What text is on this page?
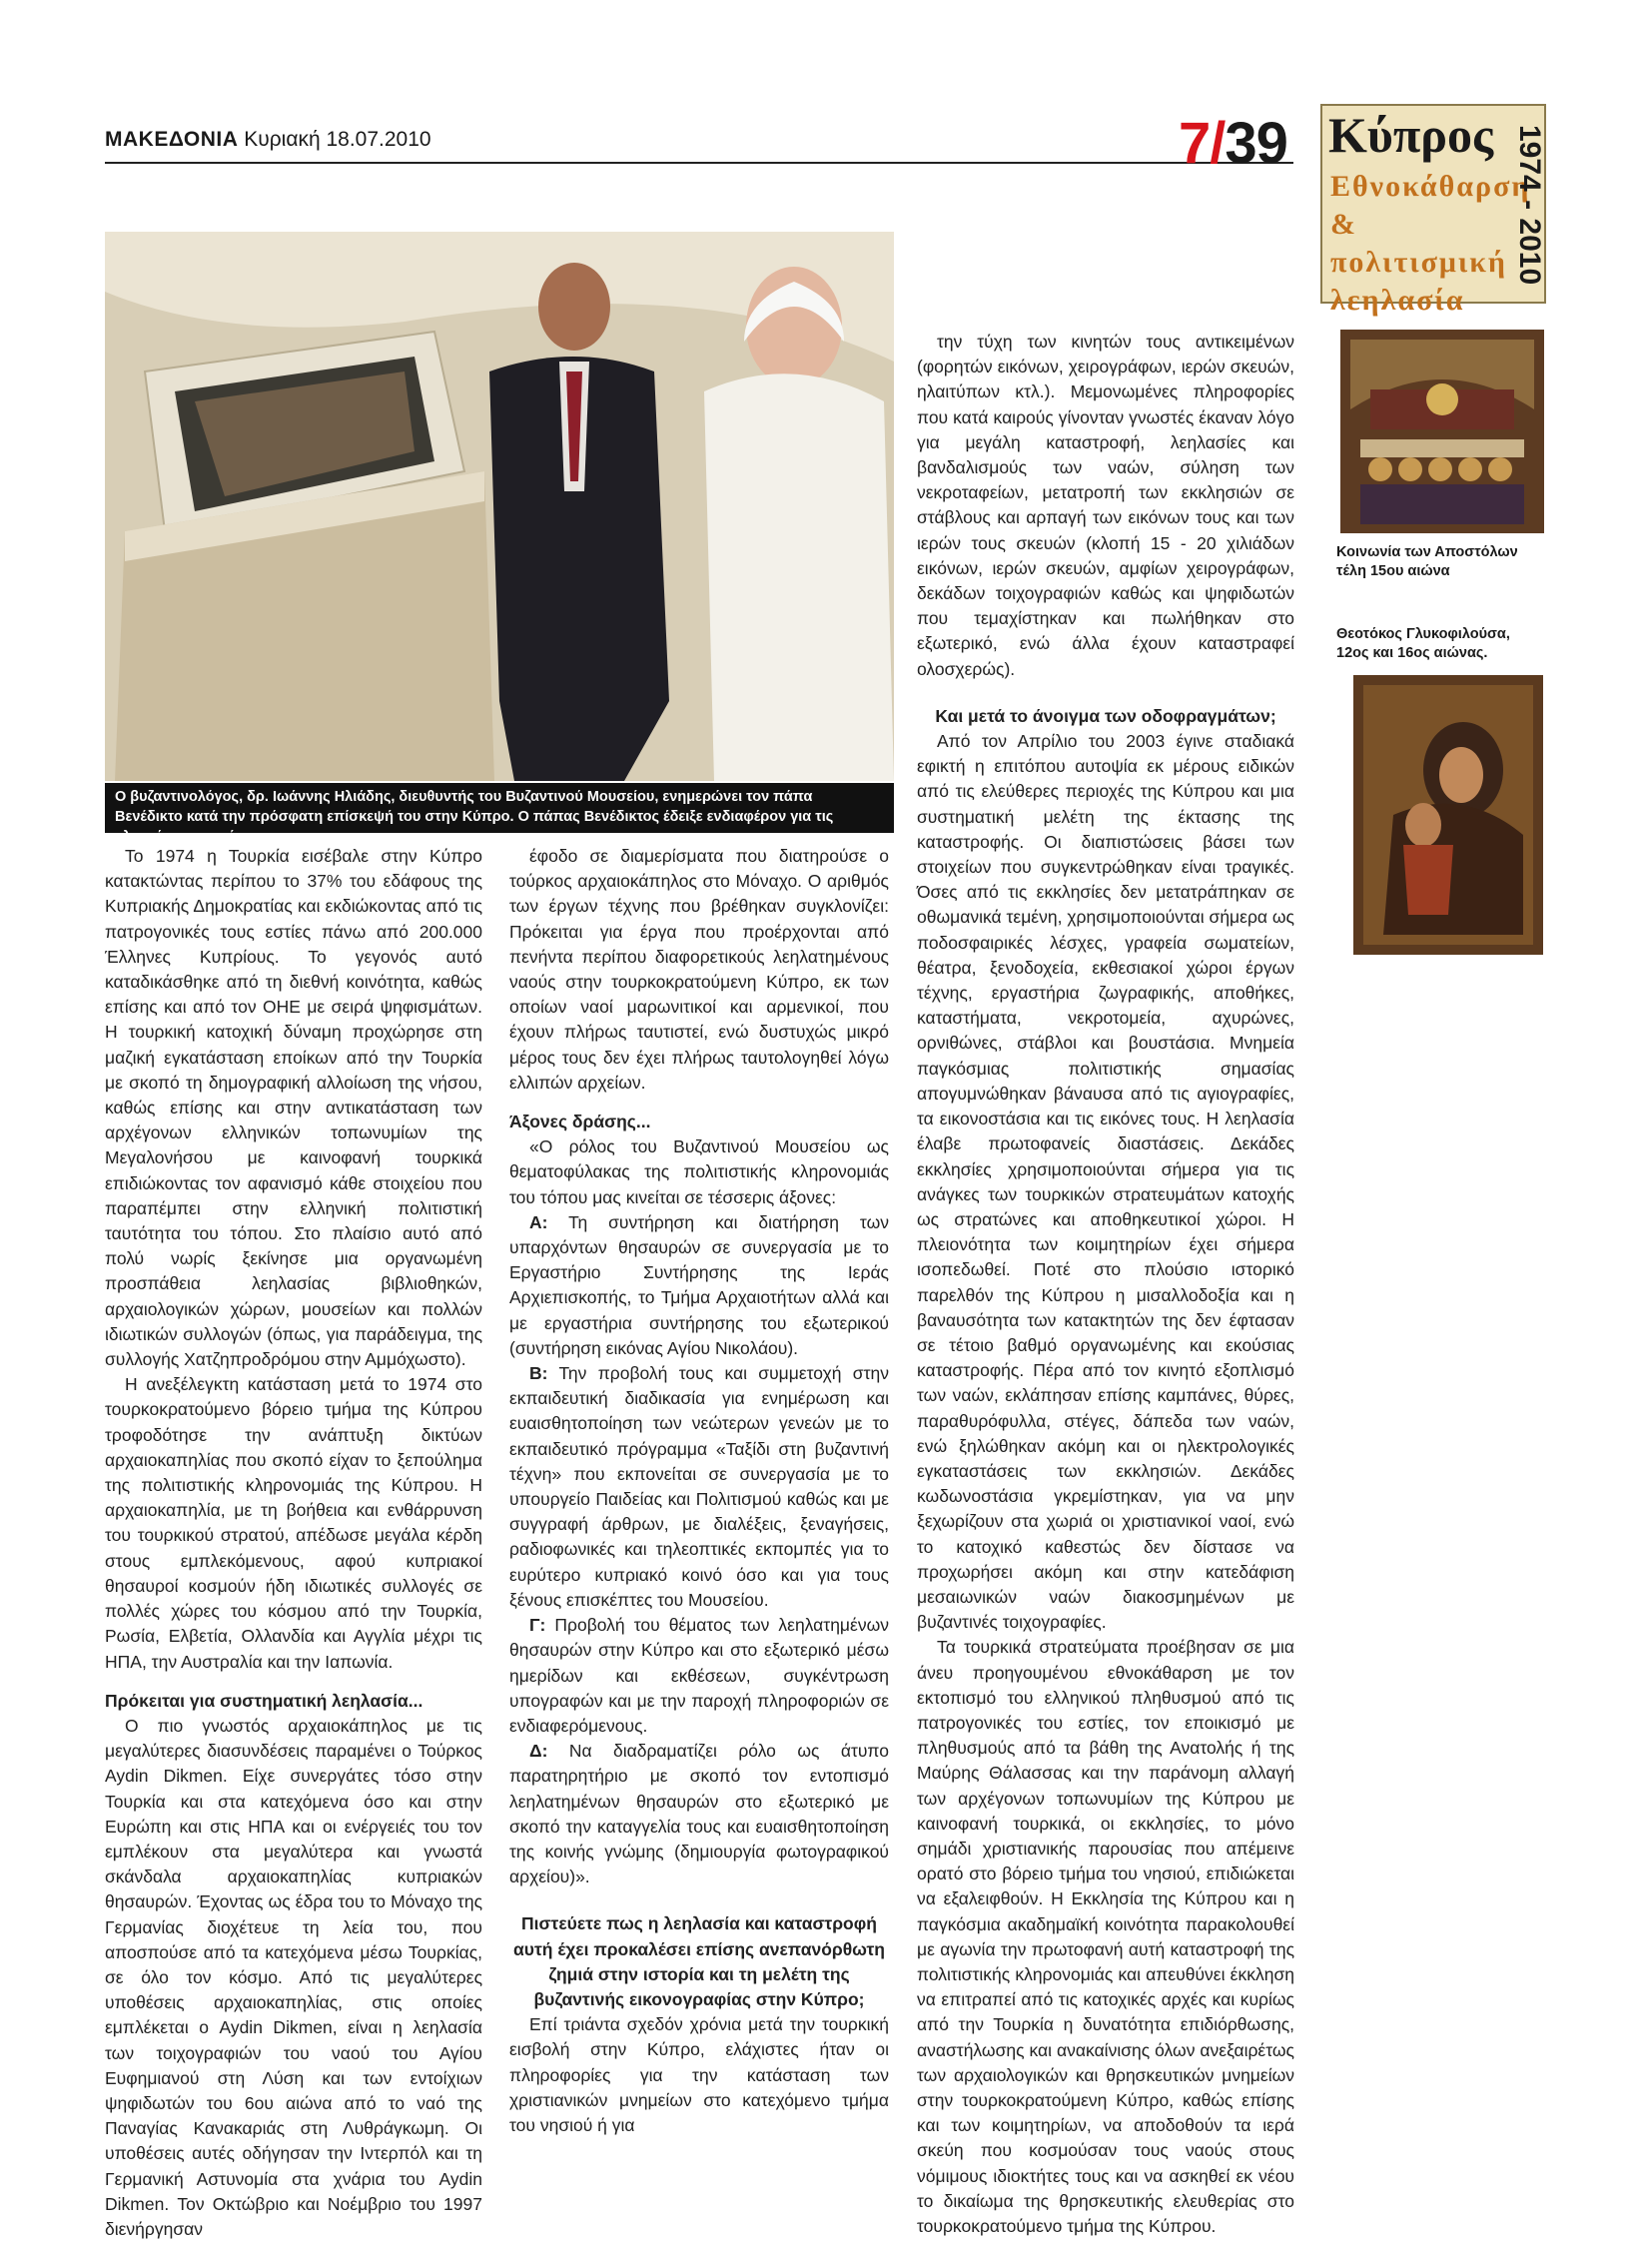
ΜΑΚΕΔΟΝΙΑ Κυριακή 18.07.2010	7/39 Κύπρος
Εθνοκάθαρση & πολιτισμική λεηλασία
1974 - 2010
Ο βυζαντινολόγος, δρ. Ιωάννης Ηλιάδης, διευθυντής του Βυζαντινού Μουσείου, ενημερώνει τον πάπα Βενέδικτο κατά την πρόσφατη επίσκεψή του στην Κύπρο. Ο πάπας Βενέδικτος έδειξε ενδιαφέρον για τις κλεμμένες αρχαιότητες.

Το 1974 η Τουρκία εισέβαλε στην Κύπρο κατακτώντας περίπου το 37% του εδάφους της Κυπριακής Δημοκρατίας και εκδιώκοντας από τις πατρογονικές τους εστίες πάνω από 200.000 Έλληνες Κυπρίους. Το γεγονός αυτό καταδικάσθηκε από τη διεθνή κοινότητα, καθώς επίσης και από τον ΟΗΕ με σειρά ψηφισμάτων. Η τουρκική κατοχική δύναμη προχώρησε στη μαζική εγκατάσταση εποίκων από την Τουρκία με σκοπό τη δημογραφική αλλοίωση της νήσου, καθώς επίσης και στην αντικατάσταση των αρχέγονων ελληνικών τοπωνυμίων της Μεγαλονήσου με καινοφανή τουρκικά επιδιώκοντας τον αφανισμό κάθε στοιχείου που παραπέμπει στην ελληνική πολιτιστική ταυτότητα του τόπου. Στο πλαίσιο αυτό από πολύ νωρίς ξεκίνησε μια οργανωμένη προσπάθεια λεηλασίας βιβλιοθηκών, αρχαιολογικών χώρων, μουσείων και πολλών ιδιωτικών συλλογών (όπως, για παράδειγμα, της συλλογής Χατζηπροδρόμου στην Αμμόχωστο).

Η ανεξέλεγκτη κατάσταση μετά το 1974 στο τουρκοκρατούμενο βόρειο τμήμα της Κύπρου τροφοδότησε την ανάπτυξη δικτύων αρχαιοκαπηλίας που σκοπό είχαν το ξεπούλημα της πολιτιστικής κληρονομιάς της Κύπρου. Η αρχαιοκαπηλία, με τη βοήθεια και ενθάρρυνση του τουρκικού στρατού, απέδωσε μεγάλα κέρδη στους εμπλεκόμενους, αφού κυπριακοί θησαυροί κοσμούν ήδη ιδιωτικές συλλογές σε πολλές χώρες του κόσμου από την Τουρκία, Ρωσία, Ελβετία, Ολλανδία και Αγγλία μέχρι τις ΗΠΑ, την Αυστραλία και την Ιαπωνία.

Πρόκειται για συστηματική λεηλασία...

Ο πιο γνωστός αρχαιοκάπηλος με τις μεγαλύτερες διασυνδέσεις παραμένει ο Τούρκος Aydin Dikmen. Είχε συνεργάτες τόσο στην Τουρκία και στα κατεχόμενα όσο και στην Ευρώπη και στις ΗΠΑ και οι ενέργειές του τον εμπλέκουν στα μεγαλύτερα και γνωστά σκάνδαλα αρχαιοκαπηλίας κυπριακών θησαυρών. Έχοντας ως έδρα του το Μόναχο της Γερμανίας διοχέτευε τη λεία του, που αποσπούσε από τα κατεχόμενα μέσω Τουρκίας, σε όλο τον κόσμο. Από τις μεγαλύτερες υποθέσεις αρχαιοκαπηλίας, στις οποίες εμπλέκεται ο Aydin Dikmen, είναι η λεηλασία των τοιχογραφιών του ναού του Αγίου Ευφημιανού στη Λύση και των εντοίχιων ψηφιδωτών του 6ου αιώνα από το ναό της Παναγίας Κανακαριάς στη Λυθράγκωμη. Οι υποθέσεις αυτές οδήγησαν την Ιντερπόλ και τη Γερμανική Αστυνομία στα χνάρια του Aydin Dikmen. Τον Οκτώβριο και Νοέμβριο του 1997 διενήργησαν

έφοδο σε διαμερίσματα που διατηρούσε ο τούρκος αρχαιοκάπηλος στο Μόναχο. Ο αριθμός των έργων τέχνης που βρέθηκαν συγκλονίζει: Πρόκειται για έργα που προέρχονται από πενήντα περίπου διαφορετικούς λεηλατημένους ναούς στην τουρκοκρατούμενη Κύπρο, εκ των οποίων ναοί μαρωνιτικοί και αρμενικοί, που έχουν πλήρως ταυτιστεί, ενώ δυστυχώς μικρό μέρος τους δεν έχει πλήρως ταυτολογηθεί λόγω ελλιπών αρχείων.

Άξονες δράσης...

«Ο ρόλος του Βυζαντινού Μουσείου ως θεματοφύλακας της πολιτιστικής κληρονομιάς του τόπου μας κινείται σε τέσσερις άξονες:

Α: Τη συντήρηση και διατήρηση των υπαρχόντων θησαυρών σε συνεργασία με το Εργαστήριο Συντήρησης της Ιεράς Αρχιεπισκοπής, το Τμήμα Αρχαιοτήτων αλλά και με εργαστήρια συντήρησης του εξωτερικού (συντήρηση εικόνας Αγίου Νικολάου).

Β: Την προβολή τους και συμμετοχή στην εκπαιδευτική διαδικασία για ενημέρωση και ευαισθητοποίηση των νεώτερων γενεών με το εκπαιδευτικό πρόγραμμα «Ταξίδι στη βυζαντινή τέχνη» που εκπονείται σε συνεργασία με το υπουργείο Παιδείας και Πολιτισμού καθώς και με συγγραφή άρθρων, με διαλέξεις, ξεναγήσεις, ραδιοφωνικές και τηλεοπτικές εκπομπές για το ευρύτερο κυπριακό κοινό όσο και για τους ξένους επισκέπτες του Μουσείου.

Γ: Προβολή του θέματος των λεηλατημένων θησαυρών στην Κύπρο και στο εξωτερικό μέσω ημερίδων και εκθέσεων, συγκέντρωση υπογραφών και με την παροχή πληροφοριών σε ενδιαφερόμενους.

Δ: Να διαδραματίζει ρόλο ως άτυπο παρατηρητήριο με σκοπό τον εντοπισμό λεηλατημένων θησαυρών στο εξωτερικό με σκοπό την καταγγελία τους και ευαισθητοποίηση της κοινής γνώμης (δημιουργία φωτογραφικού αρχείου)».

Πιστεύετε πως η λεηλασία και καταστροφή αυτή έχει προκαλέσει επίσης ανεπανόρθωτη ζημιά στην ιστορία και τη μελέτη της βυζαντινής εικονογραφίας στην Κύπρο;

Επί τριάντα σχεδόν χρόνια μετά την τουρκική εισβολή στην Κύπρο, ελάχιστες ήταν οι πληροφορίες για την κατάσταση των χριστιανικών μνημείων στο κατεχόμενο τμήμα του νησιού ή για

την τύχη των κινητών τους αντικειμένων (φορητών εικόνων, χειρογράφων, ιερών σκευών, ηλαιτύπων κτλ.). Μεμονωμένες πληροφορίες που κατά καιρούς γίνονταν γνωστές έκαναν λόγο για μεγάλη καταστροφή, λεηλασίες και βανδαλισμούς των ναών, σύληση των νεκροταφείων, μετατροπή των εκκλησιών σε στάβλους και αρπαγή των εικόνων τους και των ιερών τους σκευών (κλοπή 15 - 20 χιλιάδων εικόνων, ιερών σκευών, αμφίων χειρογράφων, δεκάδων τοιχογραφιών καθώς και ψηφιδωτών που τεμαχίστηκαν και πωλήθηκαν στο εξωτερικό, ενώ άλλα έχουν καταστραφεί ολοσχερώς).

Και μετά το άνοιγμα των οδοφραγμάτων;

Από τον Απρίλιο του 2003 έγινε σταδιακά εφικτή η επιτόπου αυτοψία εκ μέρους ειδικών από τις ελεύθερες περιοχές της Κύπρου και μια συστηματική μελέτη της έκτασης της καταστροφής. Οι διαπιστώσεις βάσει των στοιχείων που συγκεντρώθηκαν είναι τραγικές. Όσες από τις εκκλησίες δεν μετατράπηκαν σε οθωμανικά τεμένη, χρησιμοποιούνται σήμερα ως ποδοσφαιρικές λέσχες, γραφεία σωματείων, θέατρα, ξενοδοχεία, εκθεσιακοί χώροι έργων τέχνης, εργαστήρια ζωγραφικής, αποθήκες, καταστήματα, νεκροτομεία, αχυρώνες, ορνιθώνες, στάβλοι και βουστάσια. Μνημεία παγκόσμιας πολιτιστικής σημασίας απογυμνώθηκαν βάναυσα από τις αγιογραφίες, τα εικονοστάσια και τις εικόνες τους. Η λεηλασία έλαβε πρωτοφανείς διαστάσεις. Δεκάδες εκκλησίες χρησιμοποιούνται σήμερα για τις ανάγκες των τουρκικών στρατευμάτων κατοχής ως στρατώνες και αποθηκευτικοί χώροι. Η πλειονότητα των κοιμητηρίων έχει σήμερα ισοπεδωθεί. Ποτέ στο πλούσιο ιστορικό παρελθόν της Κύπρου η μισαλλοδοξία και η βαναυσότητα των κατακτητών της δεν έφτασαν σε τέτοιο βαθμό οργανωμένης και εκούσιας καταστροφής. Πέρα από τον κινητό εξοπλισμό των ναών, εκλάπησαν επίσης καμπάνες, θύρες, παραθυρόφυλλα, στέγες, δάπεδα των ναών, ενώ ξηλώθηκαν ακόμη και οι ηλεκτρολογικές εγκαταστάσεις των εκκλησιών. Δεκάδες κωδωνοστάσια γκρεμίστηκαν, για να μην ξεχωρίζουν στα χωριά οι χριστιανικοί ναοί, ενώ το κατοχικό καθεστώς δεν δίστασε να προχωρήσει ακόμη και στην κατεδάφιση μεσαιωνικών ναών διακοσμημένων με βυζαντινές τοιχογραφίες.

Τα τουρκικά στρατεύματα προέβησαν σε μια άνευ προηγουμένου εθνοκάθαρση με τον εκτοπισμό του ελληνικού πληθυσμού από τις πατρογονικές του εστίες, τον εποικισμό με πληθυσμούς από τα βάθη της Ανατολής ή της Μαύρης Θάλασσας και την παράνομη αλλαγή των αρχέγονων τοπωνυμίων της Κύπρου με καινοφανή τουρκικά, οι εκκλησίες, το μόνο σημάδι χριστιανικής παρουσίας που απέμεινε ορατό στο βόρειο τμήμα του νησιού, επιδιώκεται να εξαλειφθούν. Η Εκκλησία της Κύπρου και η παγκόσμια ακαδημαϊκή κοινότητα παρακολουθεί με αγωνία την πρωτοφανή αυτή καταστροφή της πολιτιστικής κληρονομιάς και απευθύνει έκκληση να επιτραπεί από τις κατοχικές αρχές και κυρίως από την Τουρκία η δυνατότητα επιδιόρθωσης, αναστήλωσης και ανακαίνισης όλων ανεξαιρέτως των αρχαιολογικών και θρησκευτικών μνημείων στην τουρκοκρατούμενη Κύπρο, καθώς επίσης και των κοιμητηρίων, να αποδοθούν τα ιερά σκεύη που κοσμούσαν τους ναούς στους νόμιμους ιδιοκτήτες τους και να ασκηθεί εκ νέου το δικαίωμα της θρησκευτικής ελευθερίας στο τουρκοκρατούμενο τμήμα της Κύπρου.

Κοινωνία των Αποστόλων τέλη 15ου αιώνα
Θεοτόκος Γλυκοφιλούσα, 12ος και 16ος αιώνας.
